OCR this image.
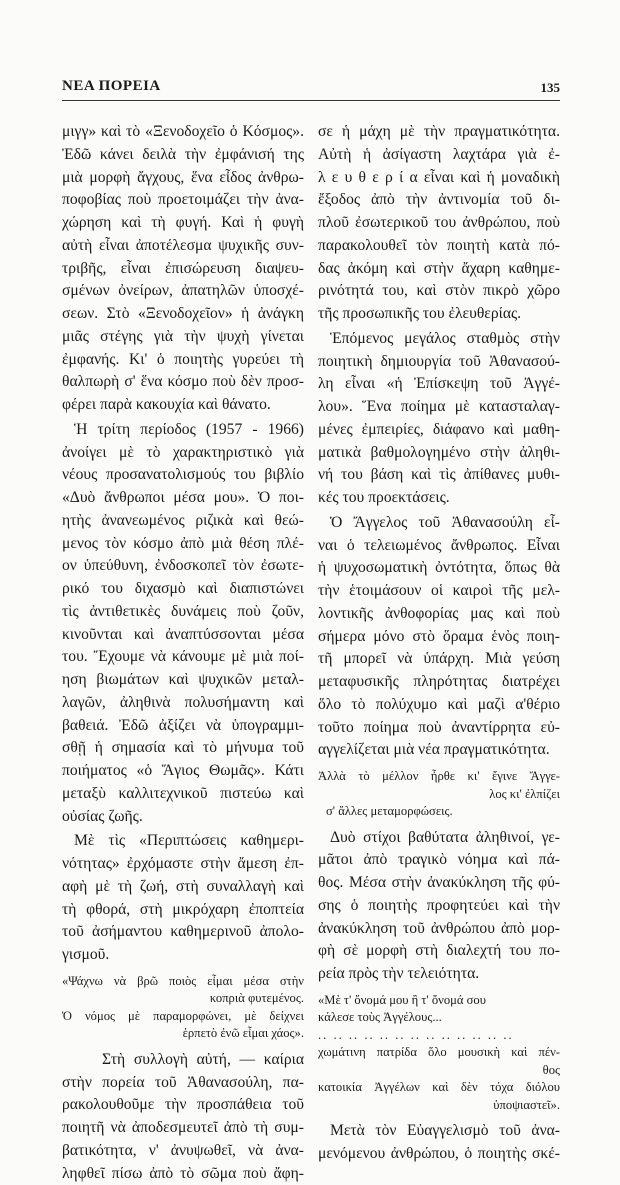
ΝΕΑ ΠΟΡΕΙΑ	135
μιγγ» καὶ τὸ «Ξενοδοχεῖο ὁ Κόσμος».
Ἐδῶ κάνει δειλὰ τὴν ἐμφάνισή της
μιὰ μορφὴ ἄγχους, ἕνα εἶδος ἀνθρω-
ποφοβίας ποὺ προετοιμάζει τὴν ἀνα-
χώρηση καὶ τὴ φυγή. Καὶ ἡ φυγὴ
αὐτὴ εἶναι ἀποτέλεσμα ψυχικῆς συν-
τριβῆς, εἶναι ἐπισώρευση διαψευ-
σμένων ὀνείρων, ἀπατηλῶν ὑποσχέ-
σεων. Στὸ «Ξενοδοχεῖον» ἡ ἀνάγκη
μιᾶς στέγης γιὰ τὴν ψυχὴ γίνεται
ἐμφανής. Κι' ὁ ποιητὴς γυρεύει τὴ
θαλπωρὴ σ' ἕνα κόσμο ποὺ δὲν προσ-
φέρει παρὰ κακουχία καὶ θάνατο.
Ἡ τρίτη περίοδος (1957 - 1966)
ἀνοίγει μὲ τὸ χαρακτηριστικὸ γιὰ
νέους προσανατολισμούς του βιβλίο
«Δυὸ ἄνθρωποι μέσα μου». Ὁ ποι-
ητὴς ἀνανεωμένος ριζικὰ καὶ θεώ-
μενος τὸν κόσμο ἀπὸ μιὰ θέση πλέ-
ον ὑπεύθυνη, ἐνδοσκοπεῖ τὸν ἐσωτε-
ρικό του διχασμὸ καὶ διαπιστώνει
τὶς ἀντιθετικὲς δυνάμεις ποὺ ζοῦν,
κινοῦνται καὶ ἀναπτύσσονται μέσα
του. Ἔχουμε νὰ κάνουμε μὲ μιὰ ποί-
ηση βιωμάτων καὶ ψυχικῶν μεταλ-
λαγῶν, ἀληθινὰ πολυσήμαντη καὶ
βαθειά. Ἐδῶ ἀξίζει νὰ ὑπογραμμι-
σθῇ ἡ σημασία καὶ τὸ μήνυμα τοῦ
ποιήματος «ὁ Ἅγιος Θωμᾶς». Κάτι
μεταξὺ καλλιτεχνικοῦ πιστεύω καὶ
οὐσίας ζωῆς.
Μὲ τὶς «Περιπτώσεις καθημερι-
νότητας» ἐρχόμαστε στὴν ἄμεση ἐπ-
αφὴ μὲ τὴ ζωή, στὴ συναλλαγὴ καὶ
τὴ φθορά, στὴ μικρόχαρη ἐποπτεία
τοῦ ἀσήμαντου καθημερινοῦ ἀπολο-
γισμοῦ.
«Ψάχνω νὰ βρῶ ποιὸς εἶμαι μέσα στὴν
κοπριὰ φυτεμένος.
Ὁ νόμος μὲ παραμορφώνει, μὲ δείχνει
ἑρπετὸ ἐνῶ εἶμαι χάος».
Στὴ συλλογὴ αὐτή, — καίρια
στὴν πορεία τοῦ Ἀθανασούλη, πα-
ρακολουθοῦμε τὴν προσπάθεια τοῦ
ποιητῆ νὰ ἀποδεσμευτεῖ ἀπὸ τὴ συμ-
βατικότητα, ν' ἀνυψωθεῖ, νὰ ἀνα-
ληφθεῖ πίσω ἀπὸ τὸ σῶμα ποὺ ἄφη-
σε ἡ μάχη μὲ τὴν πραγματικότητα.
Αὐτὴ ἡ ἀσίγαστη λαχτάρα γιὰ ἐ-
λ ε υ θ ε ρ ί α εἶναι καὶ ἡ μοναδικὴ
ἔξοδος ἀπὸ τὴν ἀντινομία τοῦ δι-
πλοῦ ἐσωτερικοῦ του ἀνθρώπου, ποὺ
παρακολουθεῖ τὸν ποιητὴ κατὰ πό-
δας ἀκόμη καὶ στὴν ἄχαρη καθημε-
ρινότητά του, καὶ στὸν πικρὸ χῶρο
τῆς προσωπικῆς του ἐλευθερίας.
Ἑπόμενος μεγάλος σταθμὸς στὴν
ποιητικὴ δημιουργία τοῦ Ἀθανασού-
λη εἶναι «ἡ Ἐπίσκεψη τοῦ Ἀγγέ-
λου». Ἕνα ποίημα μὲ κατασταλαγ-
μένες ἐμπειρίες, διάφανο καὶ μαθη-
ματικὰ βαθμολογημένο στὴν ἀληθι-
νή του βάση καὶ τὶς ἀπίθανες μυθι-
κές του προεκτάσεις.
Ὁ Ἄγγελος τοῦ Ἀθανασούλη εἶ-
ναι ὁ τελειωμένος ἄνθρωπος. Εἶναι
ἡ ψυχοσωματικὴ ὀντότητα, ὅπως θὰ
τὴν ἑτοιμάσουν οἱ καιροὶ τῆς μελ-
λοντικῆς ἀνθοφορίας μας καὶ ποὺ
σήμερα μόνο στὸ ὅραμα ἑνὸς ποιη-
τῆ μπορεῖ νὰ ὑπάρχη. Μιὰ γεύση
μεταφυσικῆς πληρότητας διατρέχει
ὅλο τὸ πολύχυμο καὶ μαζὶ α'θέριο
τοῦτο ποίημα ποὺ ἀναντίρρητα εὐ-
αγγελίζεται μιὰ νέα πραγματικότητα.
Ἀλλὰ τὸ μέλλον ἦρθε κι' ἔγινε Ἄγγε-
λος κι' ἐλπίζει
σ' ἄλλες μεταμορφώσεις.
Δυὸ στίχοι βαθύτατα ἀληθινοί, γε-
μᾶτοι ἀπὸ τραγικὸ νόημα καὶ πά-
θος. Μέσα στὴν ἀνακύκληση τῆς φύ-
σης ὁ ποιητὴς προφητεύει καὶ τὴν
ἀνακύκληση τοῦ ἀνθρώπου ἀπὸ μορ-
φὴ σὲ μορφὴ στὴ διαλεχτή του πο-
ρεία πρὸς τὴν τελειότητα.
«Μὲ τ' ὄνομά μου ἢ τ' ὄνομά σου
κάλεσε τοὺς Ἀγγέλους...
.. .. .. .. .. .. .. .. .. .. .. .. ..
χωμάτινη πατρίδα ὅλο μουσικὴ καὶ πέν-
θος
κατοικία Ἀγγέλων καὶ δὲν τόχα διόλου
ὑποψιαστεῖ».
Μετὰ τὸν Εὐαγγελισμὸ τοῦ ἀνα-
μενόμενου ἀνθρώπου, ὁ ποιητὴς σκέ-
